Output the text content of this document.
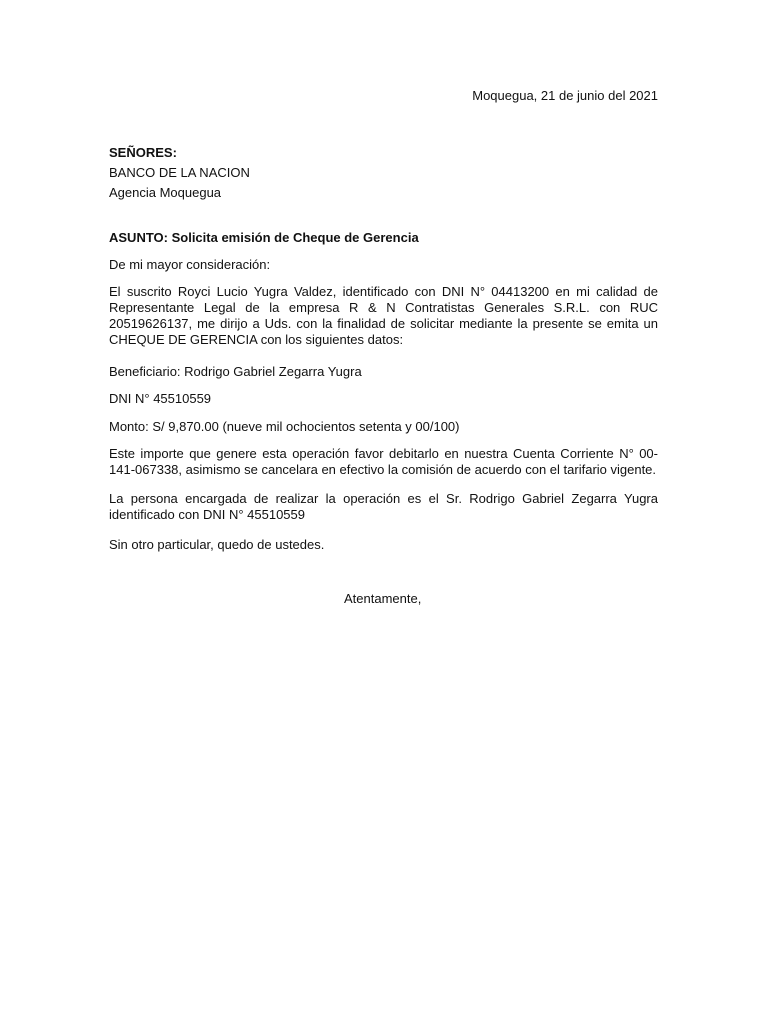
Moquegua, 21 de junio del 2021
SEÑORES:
BANCO DE LA NACION
Agencia Moquegua
ASUNTO: Solicita emisión de Cheque de Gerencia
De mi mayor consideración:
El suscrito Royci Lucio Yugra Valdez, identificado con DNI N° 04413200 en mi calidad de Representante Legal de la empresa R & N Contratistas Generales S.R.L. con RUC 20519626137, me dirijo a Uds. con la finalidad de solicitar mediante la presente se emita un CHEQUE DE GERENCIA con los siguientes datos:
Beneficiario: Rodrigo Gabriel Zegarra Yugra
DNI N° 45510559
Monto: S/ 9,870.00 (nueve mil ochocientos setenta y 00/100)
Este importe que genere esta operación favor debitarlo en nuestra Cuenta Corriente N° 00-141-067338, asimismo se cancelara en efectivo la comisión de acuerdo con el tarifario vigente.
La persona encargada de realizar la operación es el Sr. Rodrigo Gabriel Zegarra Yugra identificado con DNI N° 45510559
Sin otro particular, quedo de ustedes.
Atentamente,
